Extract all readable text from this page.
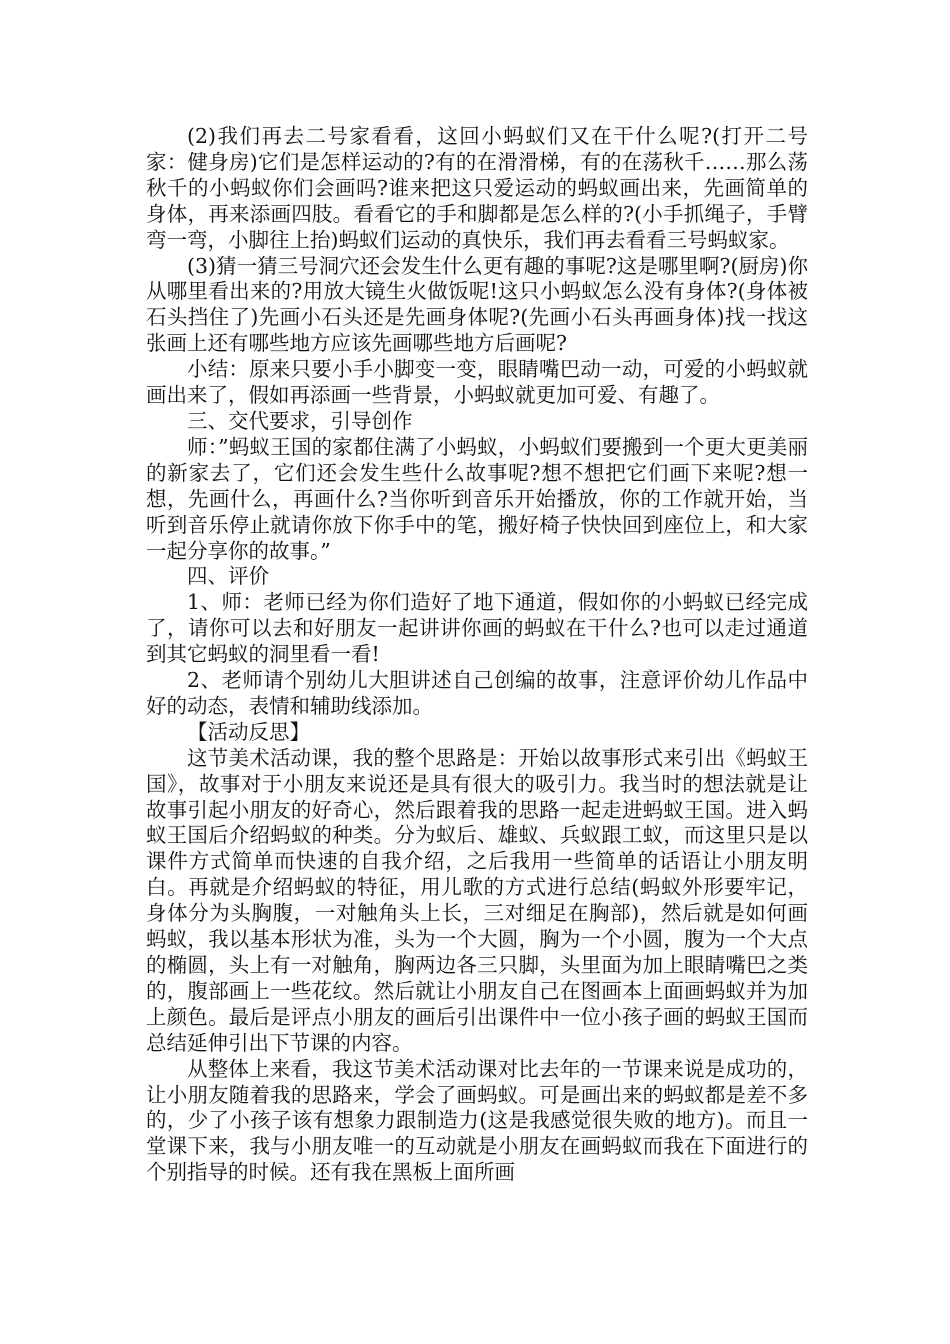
(2)我们再去二号家看看，这回小蚂蚁们又在干什么呢?(打开二号家：健身房)它们是怎样运动的?有的在滑滑梯，有的在荡秋千……那么荡秋千的小蚂蚁你们会画吗?谁来把这只爱运动的蚂蚁画出来，先画简单的身体，再来添画四肢。看看它的手和脚都是怎么样的?(小手抓绳子，手臂弯一弯，小脚往上抬)蚂蚁们运动的真快乐，我们再去看看三号蚂蚁家。

(3)猜一猜三号洞穴还会发生什么更有趣的事呢?这是哪里啊?(厨房)你从哪里看出来的?用放大镜生火做饭呢!这只小蚂蚁怎么没有身体?(身体被石头挡住了)先画小石头还是先画身体呢?(先画小石头再画身体)找一找这张画上还有哪些地方应该先画哪些地方后画呢?

小结：原来只要小手小脚变一变，眼睛嘴巴动一动，可爱的小蚂蚁就画出来了，假如再添画一些背景，小蚂蚁就更加可爱、有趣了。

三、交代要求，引导创作

师：”蚂蚁王国的家都住满了小蚂蚁，小蚂蚁们要搬到一个更大更美丽的新家去了，它们还会发生些什么故事呢?想不想把它们画下来呢?想一想，先画什么，再画什么?当你听到音乐开始播放，你的工作就开始，当听到音乐停止就请你放下你手中的笔，搬好椅子快快回到座位上，和大家一起分享你的故事。”

四、评价

1、师：老师已经为你们造好了地下通道，假如你的小蚂蚁已经完成了，请你可以去和好朋友一起讲讲你画的蚂蚁在干什么?也可以走过通道到其它蚂蚁的洞里看一看!

2、老师请个别幼儿大胆讲述自己创编的故事，注意评价幼儿作品中好的动态，表情和辅助线添加。

【活动反思】

这节美术活动课，我的整个思路是：开始以故事形式来引出《蚂蚁王国》，故事对于小朋友来说还是具有很大的吸引力。我当时的想法就是让故事引起小朋友的好奇心，然后跟着我的思路一起走进蚂蚁王国。进入蚂蚁王国后介绍蚂蚁的种类。分为蚁后、雄蚁、兵蚁跟工蚁，而这里只是以课件方式简单而快速的自我介绍，之后我用一些简单的话语让小朋友明白。再就是介绍蚂蚁的特征，用儿歌的方式进行总结(蚂蚁外形要牢记，身体分为头胸腹，一对触角头上长，三对细足在胸部)，然后就是如何画蚂蚁，我以基本形状为准，头为一个大圆，胸为一个小圆，腹为一个大点的椭圆，头上有一对触角，胸两边各三只脚，头里面为加上眼睛嘴巴之类的，腹部画上一些花纹。然后就让小朋友自己在图画本上面画蚂蚁并为加上颜色。最后是评点小朋友的画后引出课件中一位小孩子画的蚂蚁王国而总结延伸引出下节课的内容。

从整体上来看，我这节美术活动课对比去年的一节课来说是成功的，让小朋友随着我的思路来，学会了画蚂蚁。可是画出来的蚂蚁都是差不多的，少了小孩子该有想象力跟制造力(这是我感觉很失败的地方)。而且一堂课下来，我与小朋友唯一的互动就是小朋友在画蚂蚁而我在下面进行的个别指导的时候。还有我在黑板上面所画
